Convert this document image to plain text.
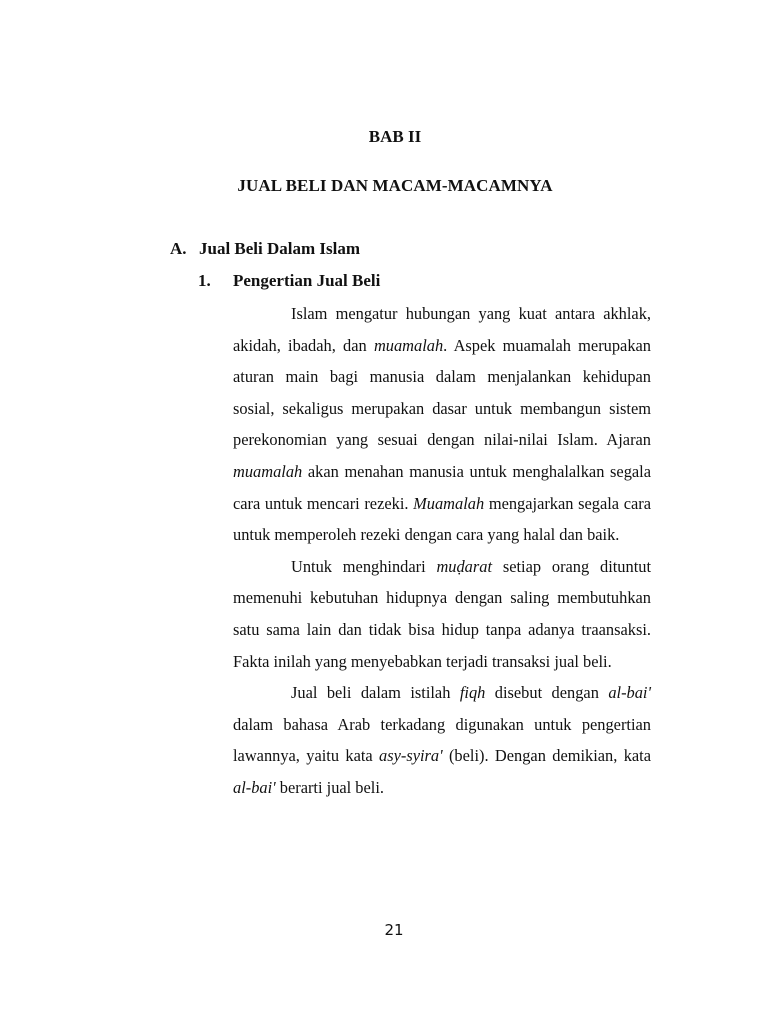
BAB II
JUAL BELI DAN MACAM-MACAMNYA
A. Jual Beli Dalam Islam
1. Pengertian Jual Beli

Islam mengatur hubungan yang kuat antara akhlak, akidah, ibadah, dan muamalah. Aspek muamalah merupakan aturan main bagi manusia dalam menjalankan kehidupan sosial, sekaligus merupakan dasar untuk membangun sistem perekonomian yang sesuai dengan nilai-nilai Islam. Ajaran muamalah akan menahan manusia untuk menghalalkan segala cara untuk mencari rezeki. Muamalah mengajarkan segala cara untuk memperoleh rezeki dengan cara yang halal dan baik.

Untuk menghindari muḍarat setiap orang dituntut memenuhi kebutuhan hidupnya dengan saling membutuhkan satu sama lain dan tidak bisa hidup tanpa adanya traansaksi. Fakta inilah yang menyebabkan terjadi transaksi jual beli.

Jual beli dalam istilah fiqh disebut dengan al-bai' dalam bahasa Arab terkadang digunakan untuk pengertian lawannya, yaitu kata asy-syira' (beli). Dengan demikian, kata al-bai' berarti jual beli.

21
